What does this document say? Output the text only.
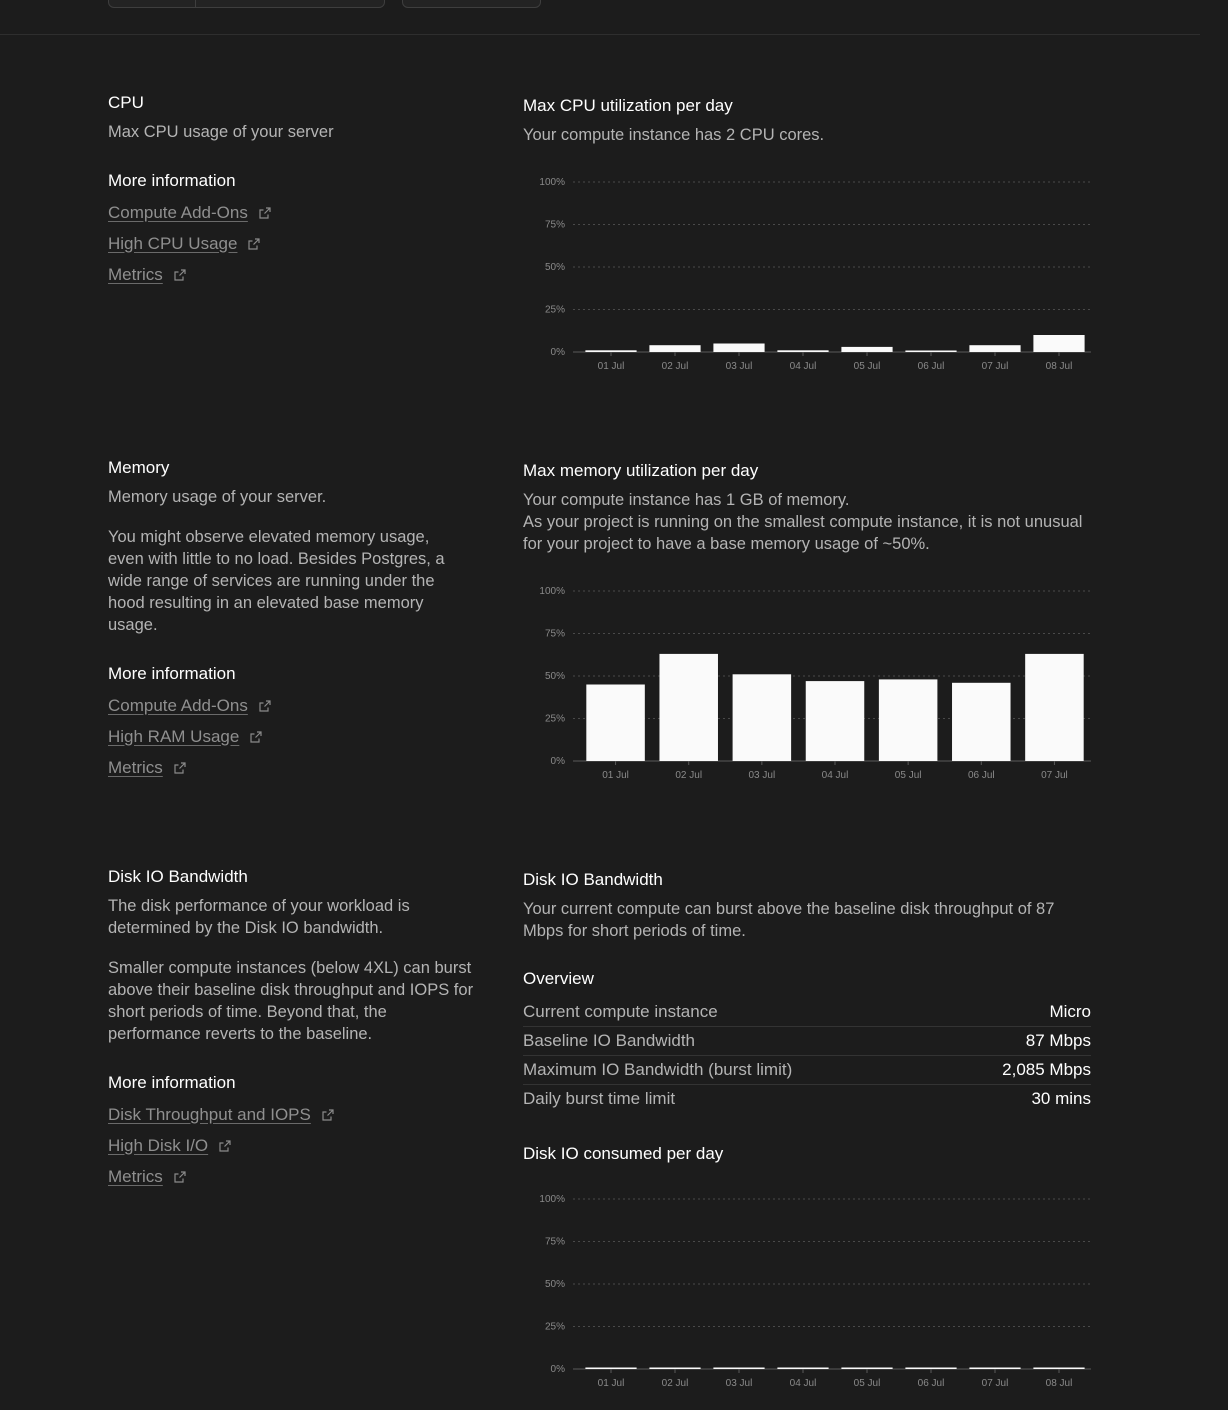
CPU

Max CPU usage of your server

More information
Compute Add-Ons
High CPU Usage
Metrics

Max CPU utilization per day

Your compute instance has 2 CPU cores.

0%
25%
50%
75%
100%
01 Jul	02 Jul	03 Jul	04 Jul	05 Jul	06 Jul	07 Jul	08 Jul

Memory

Memory usage of your server.

You might observe elevated memory usage, even with little to no load. Besides Postgres, a wide range of services are running under the hood resulting in an elevated base memory usage.

More information
Compute Add-Ons
High RAM Usage
Metrics

Max memory utilization per day

Your compute instance has 1 GB of memory.

As your project is running on the smallest compute instance, it is not unusual for your project to have a base memory usage of ~50%.

0%
25%
50%
75%
100%
01 Jul	02 Jul	03 Jul	04 Jul	05 Jul	06 Jul	07 Jul

Disk IO Bandwidth

The disk performance of your workload is determined by the Disk IO bandwidth.

Smaller compute instances (below 4XL) can burst above their baseline disk throughput and IOPS for short periods of time. Beyond that, the performance reverts to the baseline.

More information
Disk Throughput and IOPS
High Disk I/O
Metrics

Disk IO Bandwidth

Your current compute can burst above the baseline disk throughput of 87 Mbps for short periods of time.

Overview
Current compute instance	Micro
Baseline IO Bandwidth	87 Mbps
Maximum IO Bandwidth (burst limit)	2,085 Mbps
Daily burst time limit	30 mins

Disk IO consumed per day

0%
25%
50%
75%
100%
01 Jul	02 Jul	03 Jul	04 Jul	05 Jul	06 Jul	07 Jul	08 Jul
